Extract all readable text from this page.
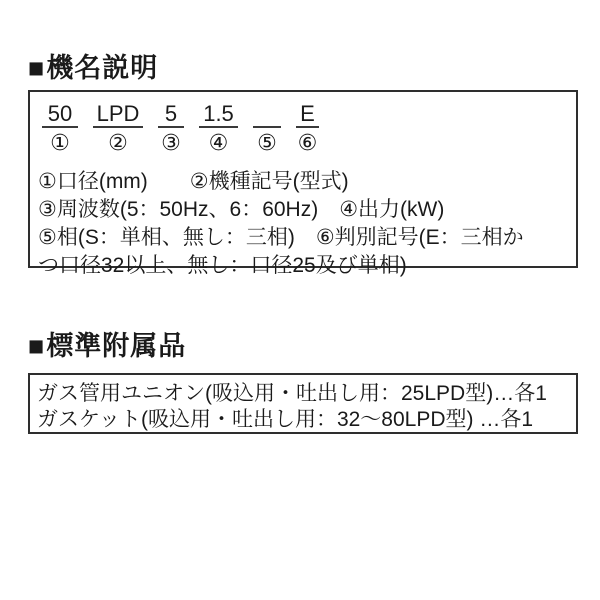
■機名説明
50
①
LPD
②
5
③
1.5
④
⑤
E
⑥
①口径(mm)　　②機種記号(型式)
③周波数(5：50Hz、6：60Hz)　④出力(kW)
⑤相(S：単相、無し：三相)　⑥判別記号(E：三相か
つ口径32以上、無し：口径25及び単相)
■標準附属品
ガス管用ユニオン(吸込用・吐出し用：25LPD型)…各1
ガスケット(吸込用・吐出し用：32～80LPD型) …各1
